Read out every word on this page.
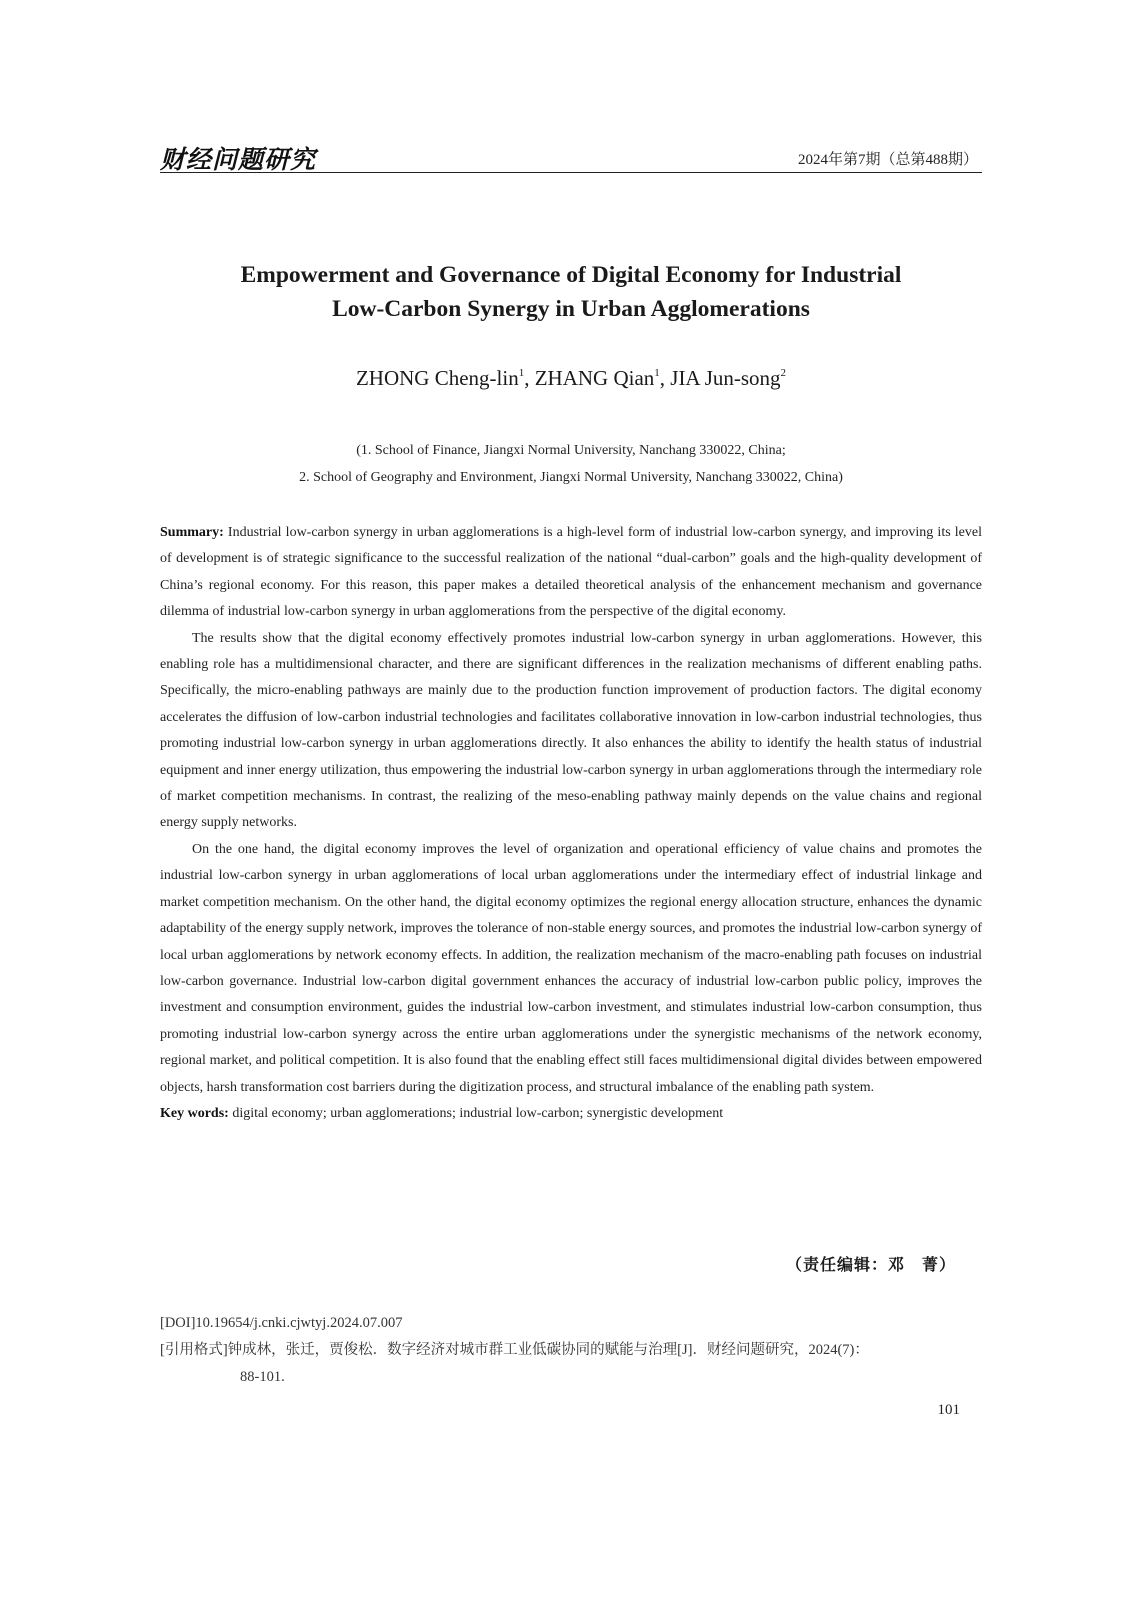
财经问题研究	2024年第7期（总第488期）
Empowerment and Governance of Digital Economy for Industrial
Low-Carbon Synergy in Urban Agglomerations
ZHONG Cheng-lin$^1$, ZHANG Qian$^1$, JIA Jun-song$^2$
(1. School of Finance, Jiangxi Normal University, Nanchang 330022, China;
2. School of Geography and Environment, Jiangxi Normal University, Nanchang 330022, China)

Summary: Industrial low-carbon synergy in urban agglomerations is a high-level form of industrial low-carbon synergy, and improving its level of development is of strategic significance to the successful realization of the national “dual-carbon” goals and the high-quality development of China’s regional economy. For this reason, this paper makes a detailed theoretical analysis of the enhancement mechanism and governance dilemma of industrial low-carbon synergy in urban agglomerations from the perspective of the digital economy.

The results show that the digital economy effectively promotes industrial low-carbon synergy in urban agglomerations. However, this enabling role has a multidimensional character, and there are significant differences in the realization mechanisms of different enabling paths. Specifically, the micro-enabling pathways are mainly due to the production function improvement of production factors. The digital economy accelerates the diffusion of low-carbon industrial technologies and facilitates collaborative innovation in low-carbon industrial technologies, thus promoting industrial low-carbon synergy in urban agglomerations directly. It also enhances the ability to identify the health status of industrial equipment and inner energy utilization, thus empowering the industrial low-carbon synergy in urban agglomerations through the intermediary role of market competition mechanisms. In contrast, the realizing of the meso-enabling pathway mainly depends on the value chains and regional energy supply networks.

On the one hand, the digital economy improves the level of organization and operational efficiency of value chains and promotes the industrial low-carbon synergy in urban agglomerations of local urban agglomerations under the intermediary effect of industrial linkage and market competition mechanism. On the other hand, the digital economy optimizes the regional energy allocation structure, enhances the dynamic adaptability of the energy supply network, improves the tolerance of non-stable energy sources, and promotes the industrial low-carbon synergy of local urban agglomerations by network economy effects. In addition, the realization mechanism of the macro-enabling path focuses on industrial low-carbon governance. Industrial low-carbon digital government enhances the accuracy of industrial low-carbon public policy, improves the investment and consumption environment, guides the industrial low-carbon investment, and stimulates industrial low-carbon consumption, thus promoting industrial low-carbon synergy across the entire urban agglomerations under the synergistic mechanisms of the network economy, regional market, and political competition. It is also found that the enabling effect still faces multidimensional digital divides between empowered objects, harsh transformation cost barriers during the digitization process, and structural imbalance of the enabling path system.

Key words: digital economy; urban agglomerations; industrial low-carbon; synergistic development

（责任编辑：邓　菁）
[DOI]10.19654/j.cnki.cjwtyj.2024.07.007
[引用格式]钟成林，张迁，贾俊松．数字经济对城市群工业低碳协同的赋能与治理[J]．财经问题研究，2024(7)：
88-101.
101
